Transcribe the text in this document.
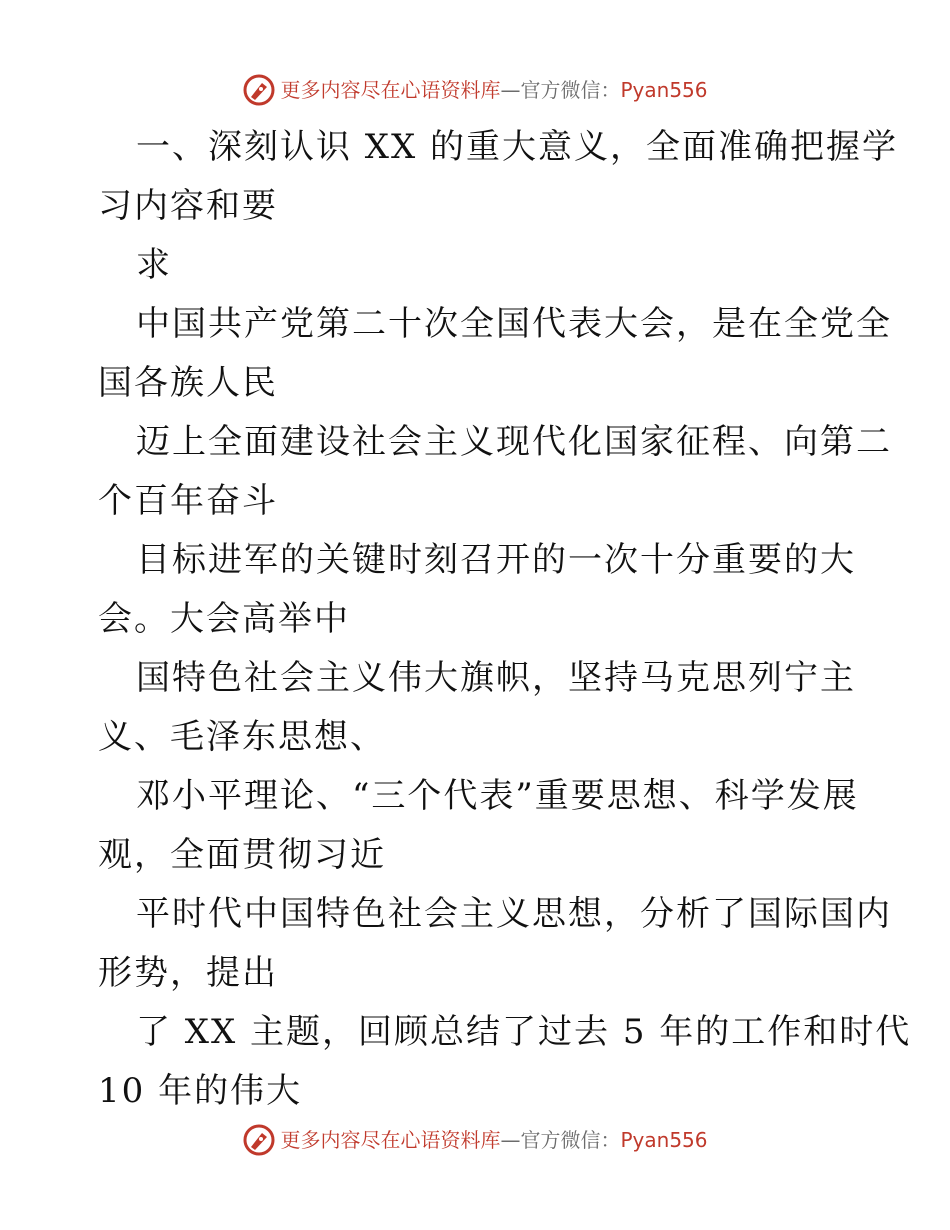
更多内容尽在心语资料库—官方微信：Pyan556
一、深刻认识 XX 的重大意义，全面准确把握学
习内容和要
求
中国共产党第二十次全国代表大会，是在全党全
国各族人民
迈上全面建设社会主义现代化国家征程、向第二
个百年奋斗
目标进军的关键时刻召开的一次十分重要的大
会。大会高举中
国特色社会主义伟大旗帜，坚持马克思列宁主
义、毛泽东思想、
邓小平理论、“三个代表”重要思想、科学发展
观，全面贯彻习近
平时代中国特色社会主义思想，分析了国际国内
形势，提出
了 XX 主题，回顾总结了过去 5 年的工作和时代
10 年的伟大
更多内容尽在心语资料库—官方微信：Pyan556
